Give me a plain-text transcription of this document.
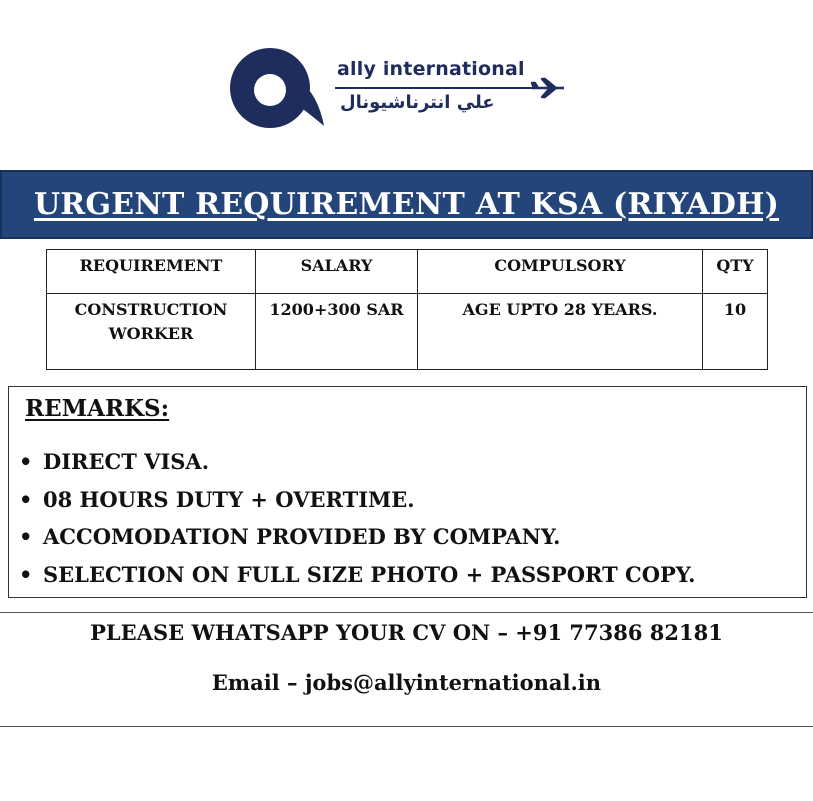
ally international
علي انترناشيونال
URGENT REQUIREMENT AT KSA (RIYADH)
REQUIREMENT	SALARY	COMPULSORY	QTY
CONSTRUCTION WORKER	1200+300 SAR	AGE UPTO 28 YEARS.	10
REMARKS:
• DIRECT VISA.
• 08 HOURS DUTY + OVERTIME.
• ACCOMODATION PROVIDED BY COMPANY.
• SELECTION ON FULL SIZE PHOTO + PASSPORT COPY.
PLEASE WHATSAPP YOUR CV ON – +91 77386 82181
Email – jobs@allyinternational.in
